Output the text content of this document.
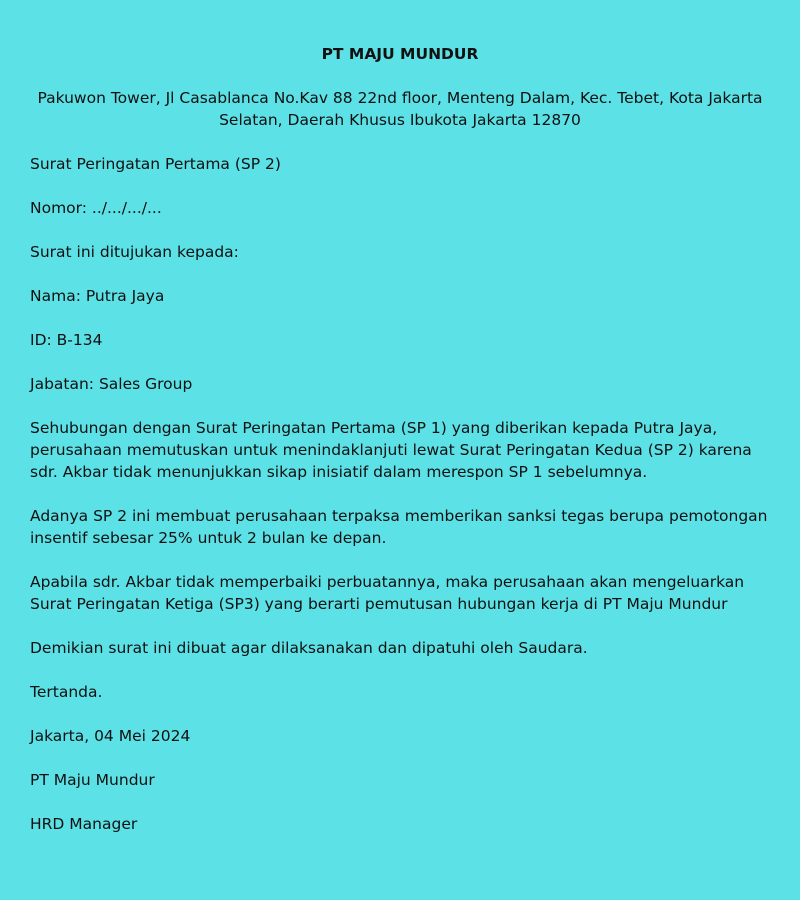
PT MAJU MUNDUR

Pakuwon Tower, Jl Casablanca No.Kav 88 22nd floor, Menteng Dalam, Kec. Tebet, Kota Jakarta Selatan, Daerah Khusus Ibukota Jakarta 12870

Surat Peringatan Pertama (SP 2)

Nomor: ../.../.../...

Surat ini ditujukan kepada:

Nama: Putra Jaya

ID: B-134

Jabatan: Sales Group

Sehubungan dengan Surat Peringatan Pertama (SP 1) yang diberikan kepada Putra Jaya, perusahaan memutuskan untuk menindaklanjuti lewat Surat Peringatan Kedua (SP 2) karena sdr. Akbar tidak menunjukkan sikap inisiatif dalam merespon SP 1 sebelumnya.

Adanya SP 2 ini membuat perusahaan terpaksa memberikan sanksi tegas berupa pemotongan insentif sebesar 25% untuk 2 bulan ke depan.

Apabila sdr. Akbar tidak memperbaiki perbuatannya, maka perusahaan akan mengeluarkan Surat Peringatan Ketiga (SP3) yang berarti pemutusan hubungan kerja di PT Maju Mundur

Demikian surat ini dibuat agar dilaksanakan dan dipatuhi oleh Saudara.

Tertanda.

Jakarta, 04 Mei 2024

PT Maju Mundur

HRD Manager
